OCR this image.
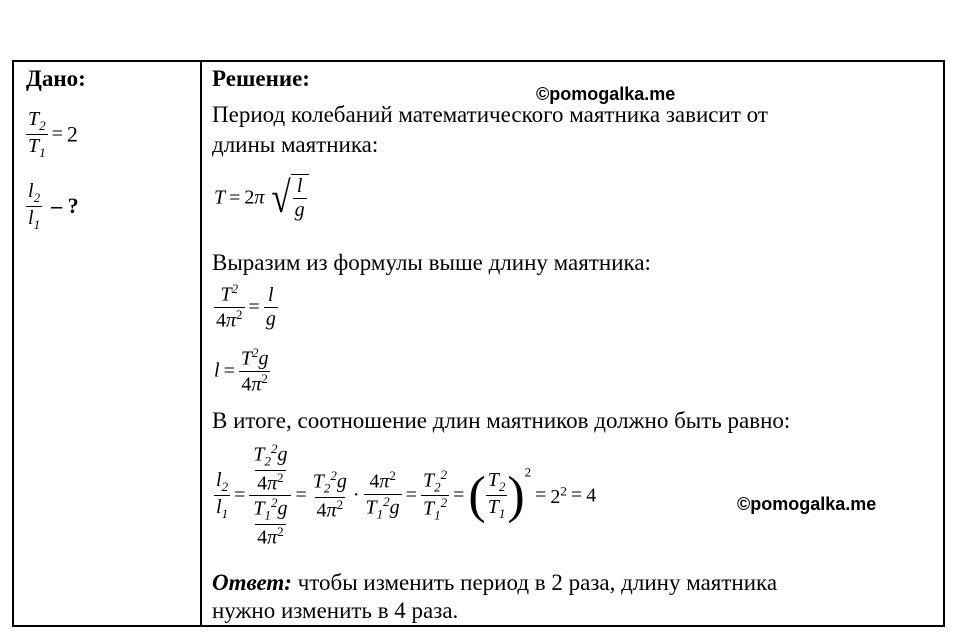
Дано:
$\frac{T_2}{T_1} = 2$
$\frac{l_2}{l_1}$ – ?
Решение:
©pomogalka.me
Период колебаний математического маятника зависит от
длины маятника:
T = 2π √ $\frac{l}{g}$
Выразим из формулы выше длину маятника:
$\frac{T^2}{4\pi^2} = \frac{l}{g}$
$l = \frac{T^2g}{4\pi^2}$
В итоге, соотношение длин маятников должно быть равно:
$\frac{l_2}{l_1} = \frac{\frac{T_2^2g}{4\pi^2}}{\frac{T_1^2g}{4\pi^2}} = \frac{T_2^2g}{4\pi^2} \cdot \frac{4\pi^2}{T_1^2g} = \frac{T_2^2}{T_1^2}$ =( $\frac{T_2}{T_1} )^2= 2^2 = 4$	©pomogalka.me
Ответ: чтобы изменить период в 2 раза, длину маятника
нужно изменить в 4 раза.
